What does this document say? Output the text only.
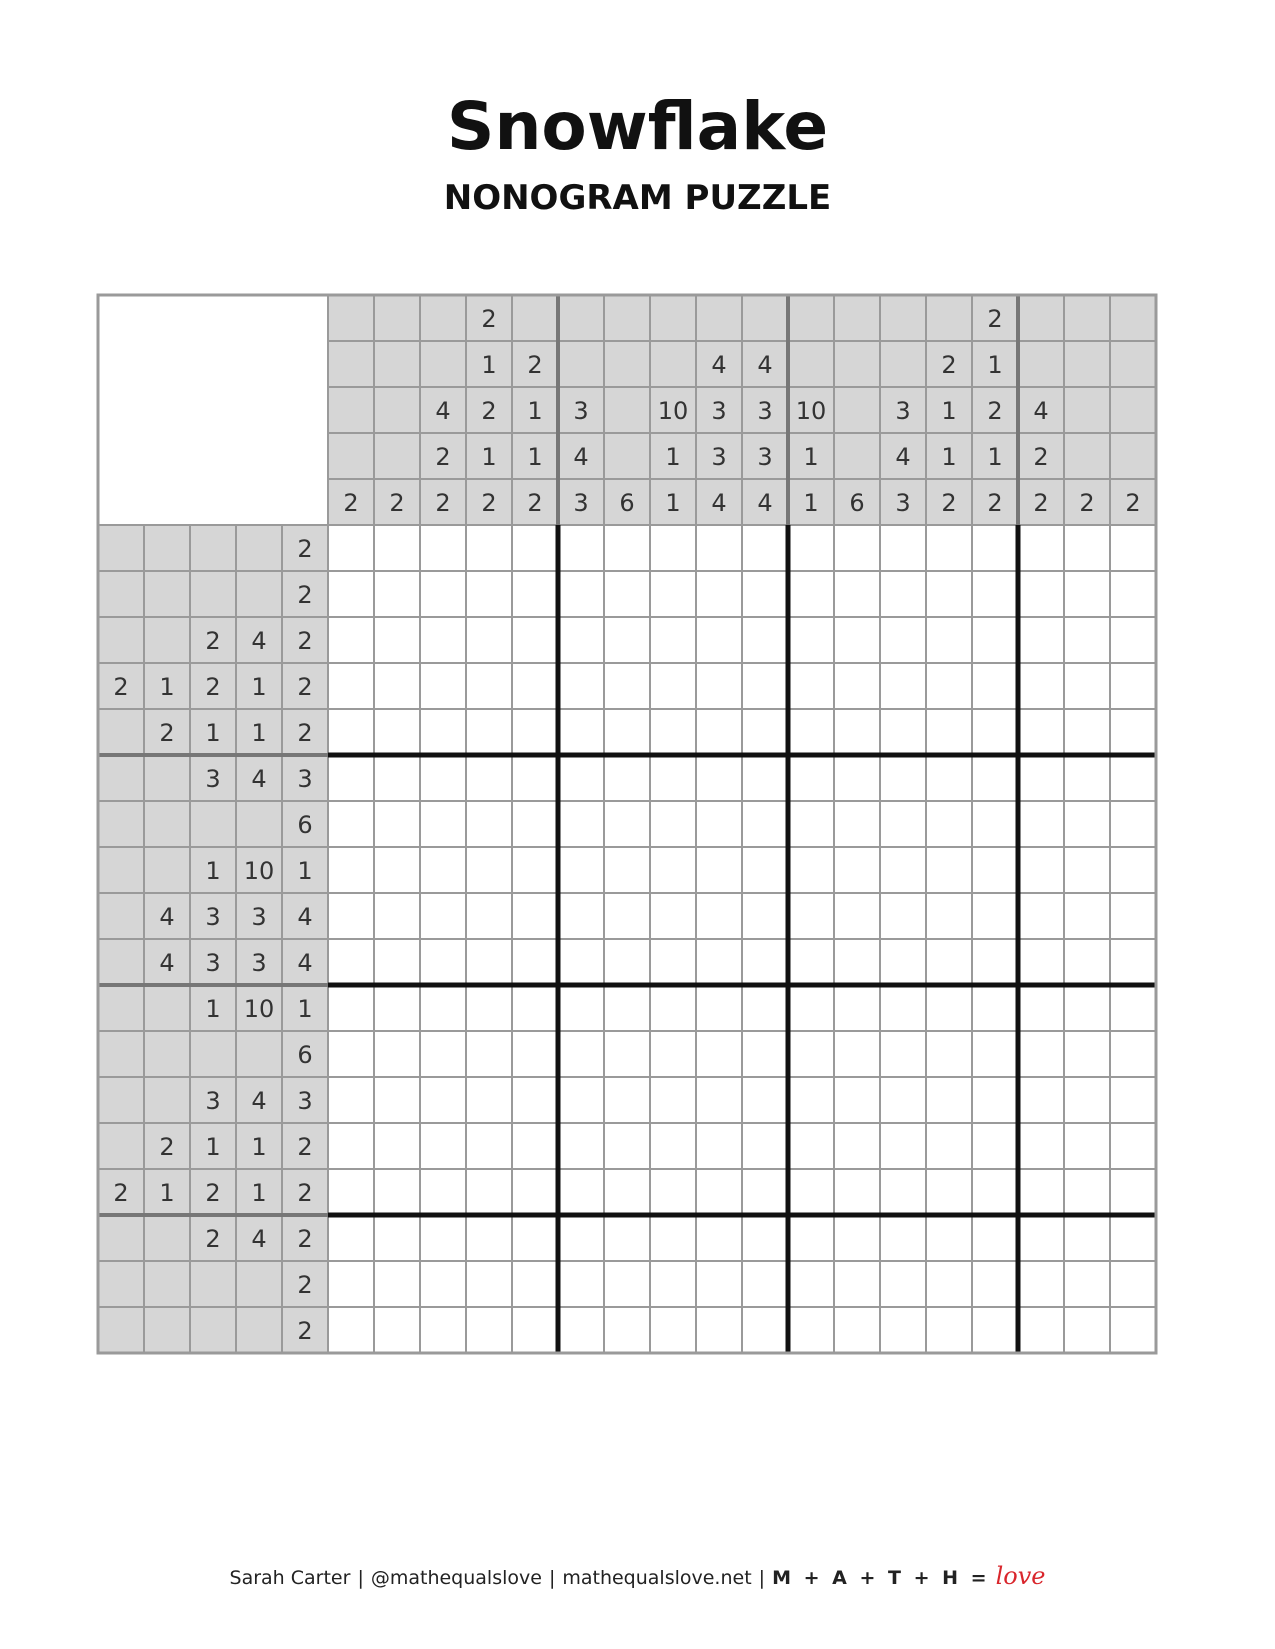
Snowflake
NONOGRAM PUZZLE
2 2
4
2
2
2
1
2
1
2
2
1
1
2
3
4
3 6
10
1
1
4
3
3
4
4
3
3
4
10
1
1 6
3
4
3
2
1
1
2
2
1
2
1
2
4
2
2 2 2
2
2
2 4 2
2 1 2 1 2
2 1 1 2
3 4 3
6
1 10 1
4 3 3 4
4 3 3 4
1 10 1
6
3 4 3
2 1 1 2
2 1 2 1 2
2 4 2
2
2
Sarah Carter | @mathequalslove | mathequalslove.net | M + A + T + H = love
